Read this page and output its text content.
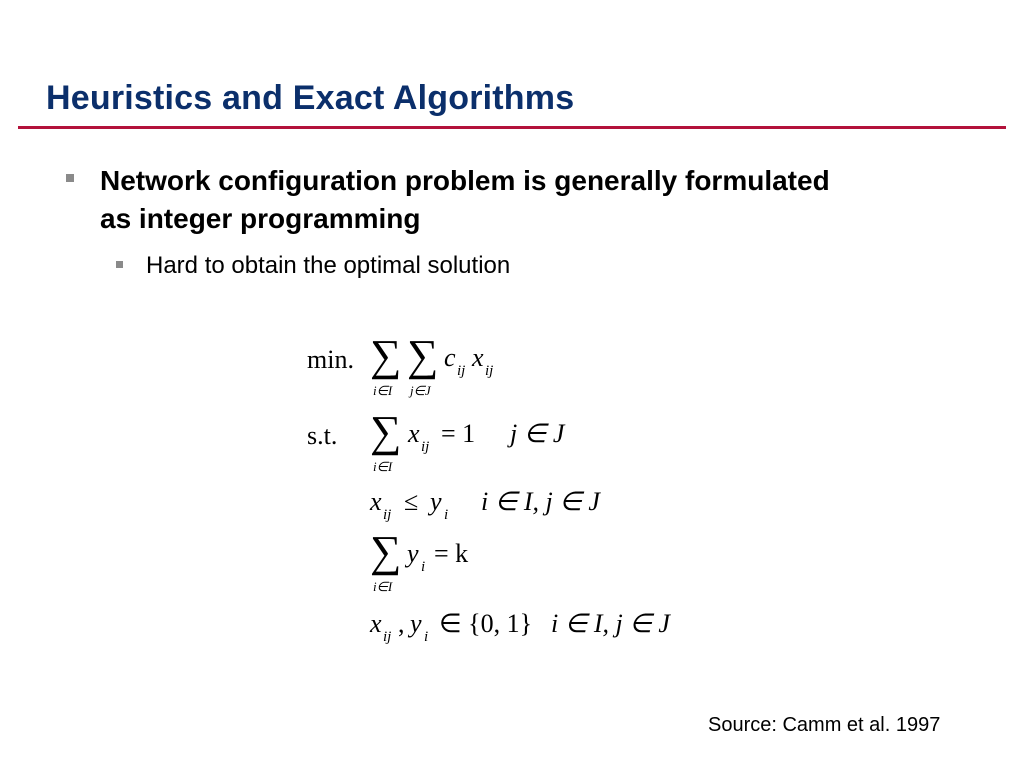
Heuristics and Exact Algorithms
Network configuration problem is generally formulated as integer programming
Hard to obtain the optimal solution
min. ∑
i∈I
∑
j∈J
c ij x ij
s.t. ∑
i∈I
x ij = 1 j ∈ J
x ij ≤ y i i ∈ I, j ∈ J
∑
i∈I
y i = k
x ij , y i ∈ {0, 1} i ∈ I, j ∈ J
Source: Camm et al. 1997
